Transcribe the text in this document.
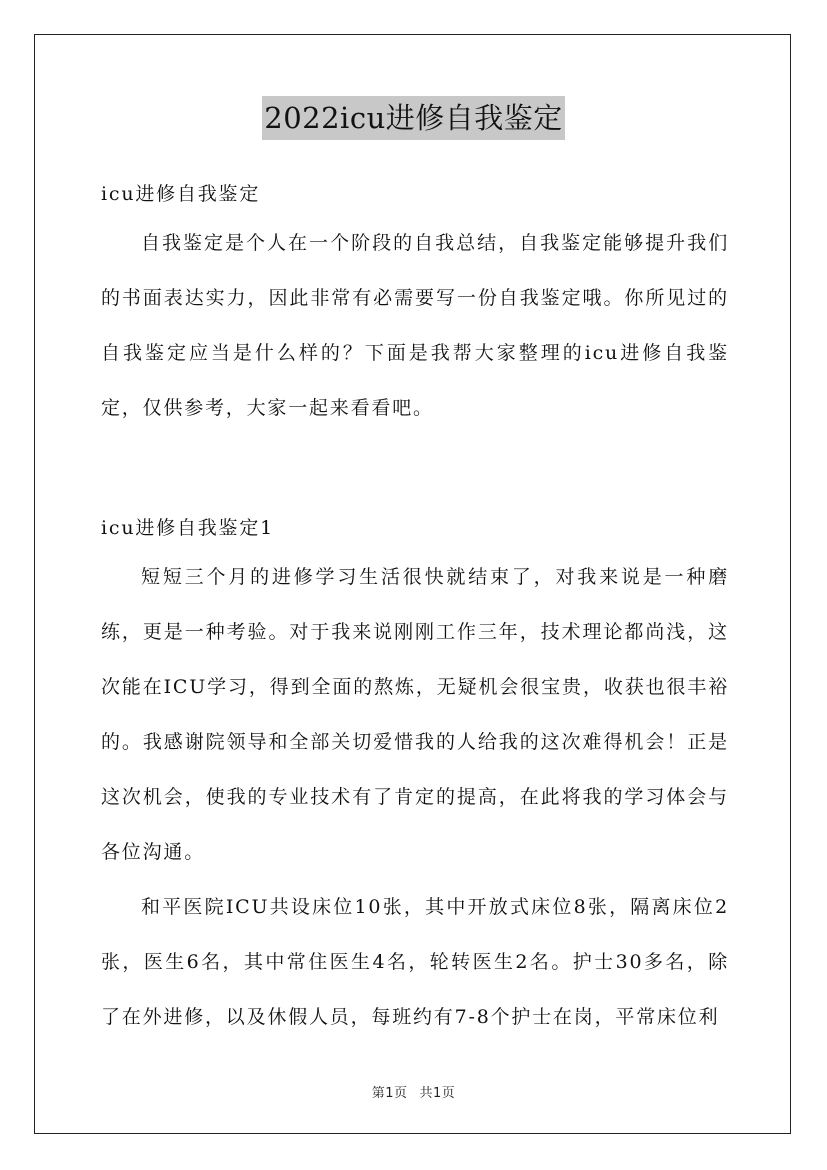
2022icu进修自我鉴定

icu进修自我鉴定

自我鉴定是个人在一个阶段的自我总结，自我鉴定能够提升我们的书面表达实力，因此非常有必需要写一份自我鉴定哦。你所见过的自我鉴定应当是什么样的？下面是我帮大家整理的icu进修自我鉴定，仅供参考，大家一起来看看吧。

icu进修自我鉴定1

短短三个月的进修学习生活很快就结束了，对我来说是一种磨练，更是一种考验。对于我来说刚刚工作三年，技术理论都尚浅，这次能在ICU学习，得到全面的熬炼，无疑机会很宝贵，收获也很丰裕的。我感谢院领导和全部关切爱惜我的人给我的这次难得机会！正是这次机会，使我的专业技术有了肯定的提高，在此将我的学习体会与各位沟通。

和平医院ICU共设床位10张，其中开放式床位8张，隔离床位2张，医生6名，其中常住医生4名，轮转医生2名。护士30多名，除了在外进修，以及休假人员，每班约有7-8个护士在岗，平常床位利

第1页 共1页
